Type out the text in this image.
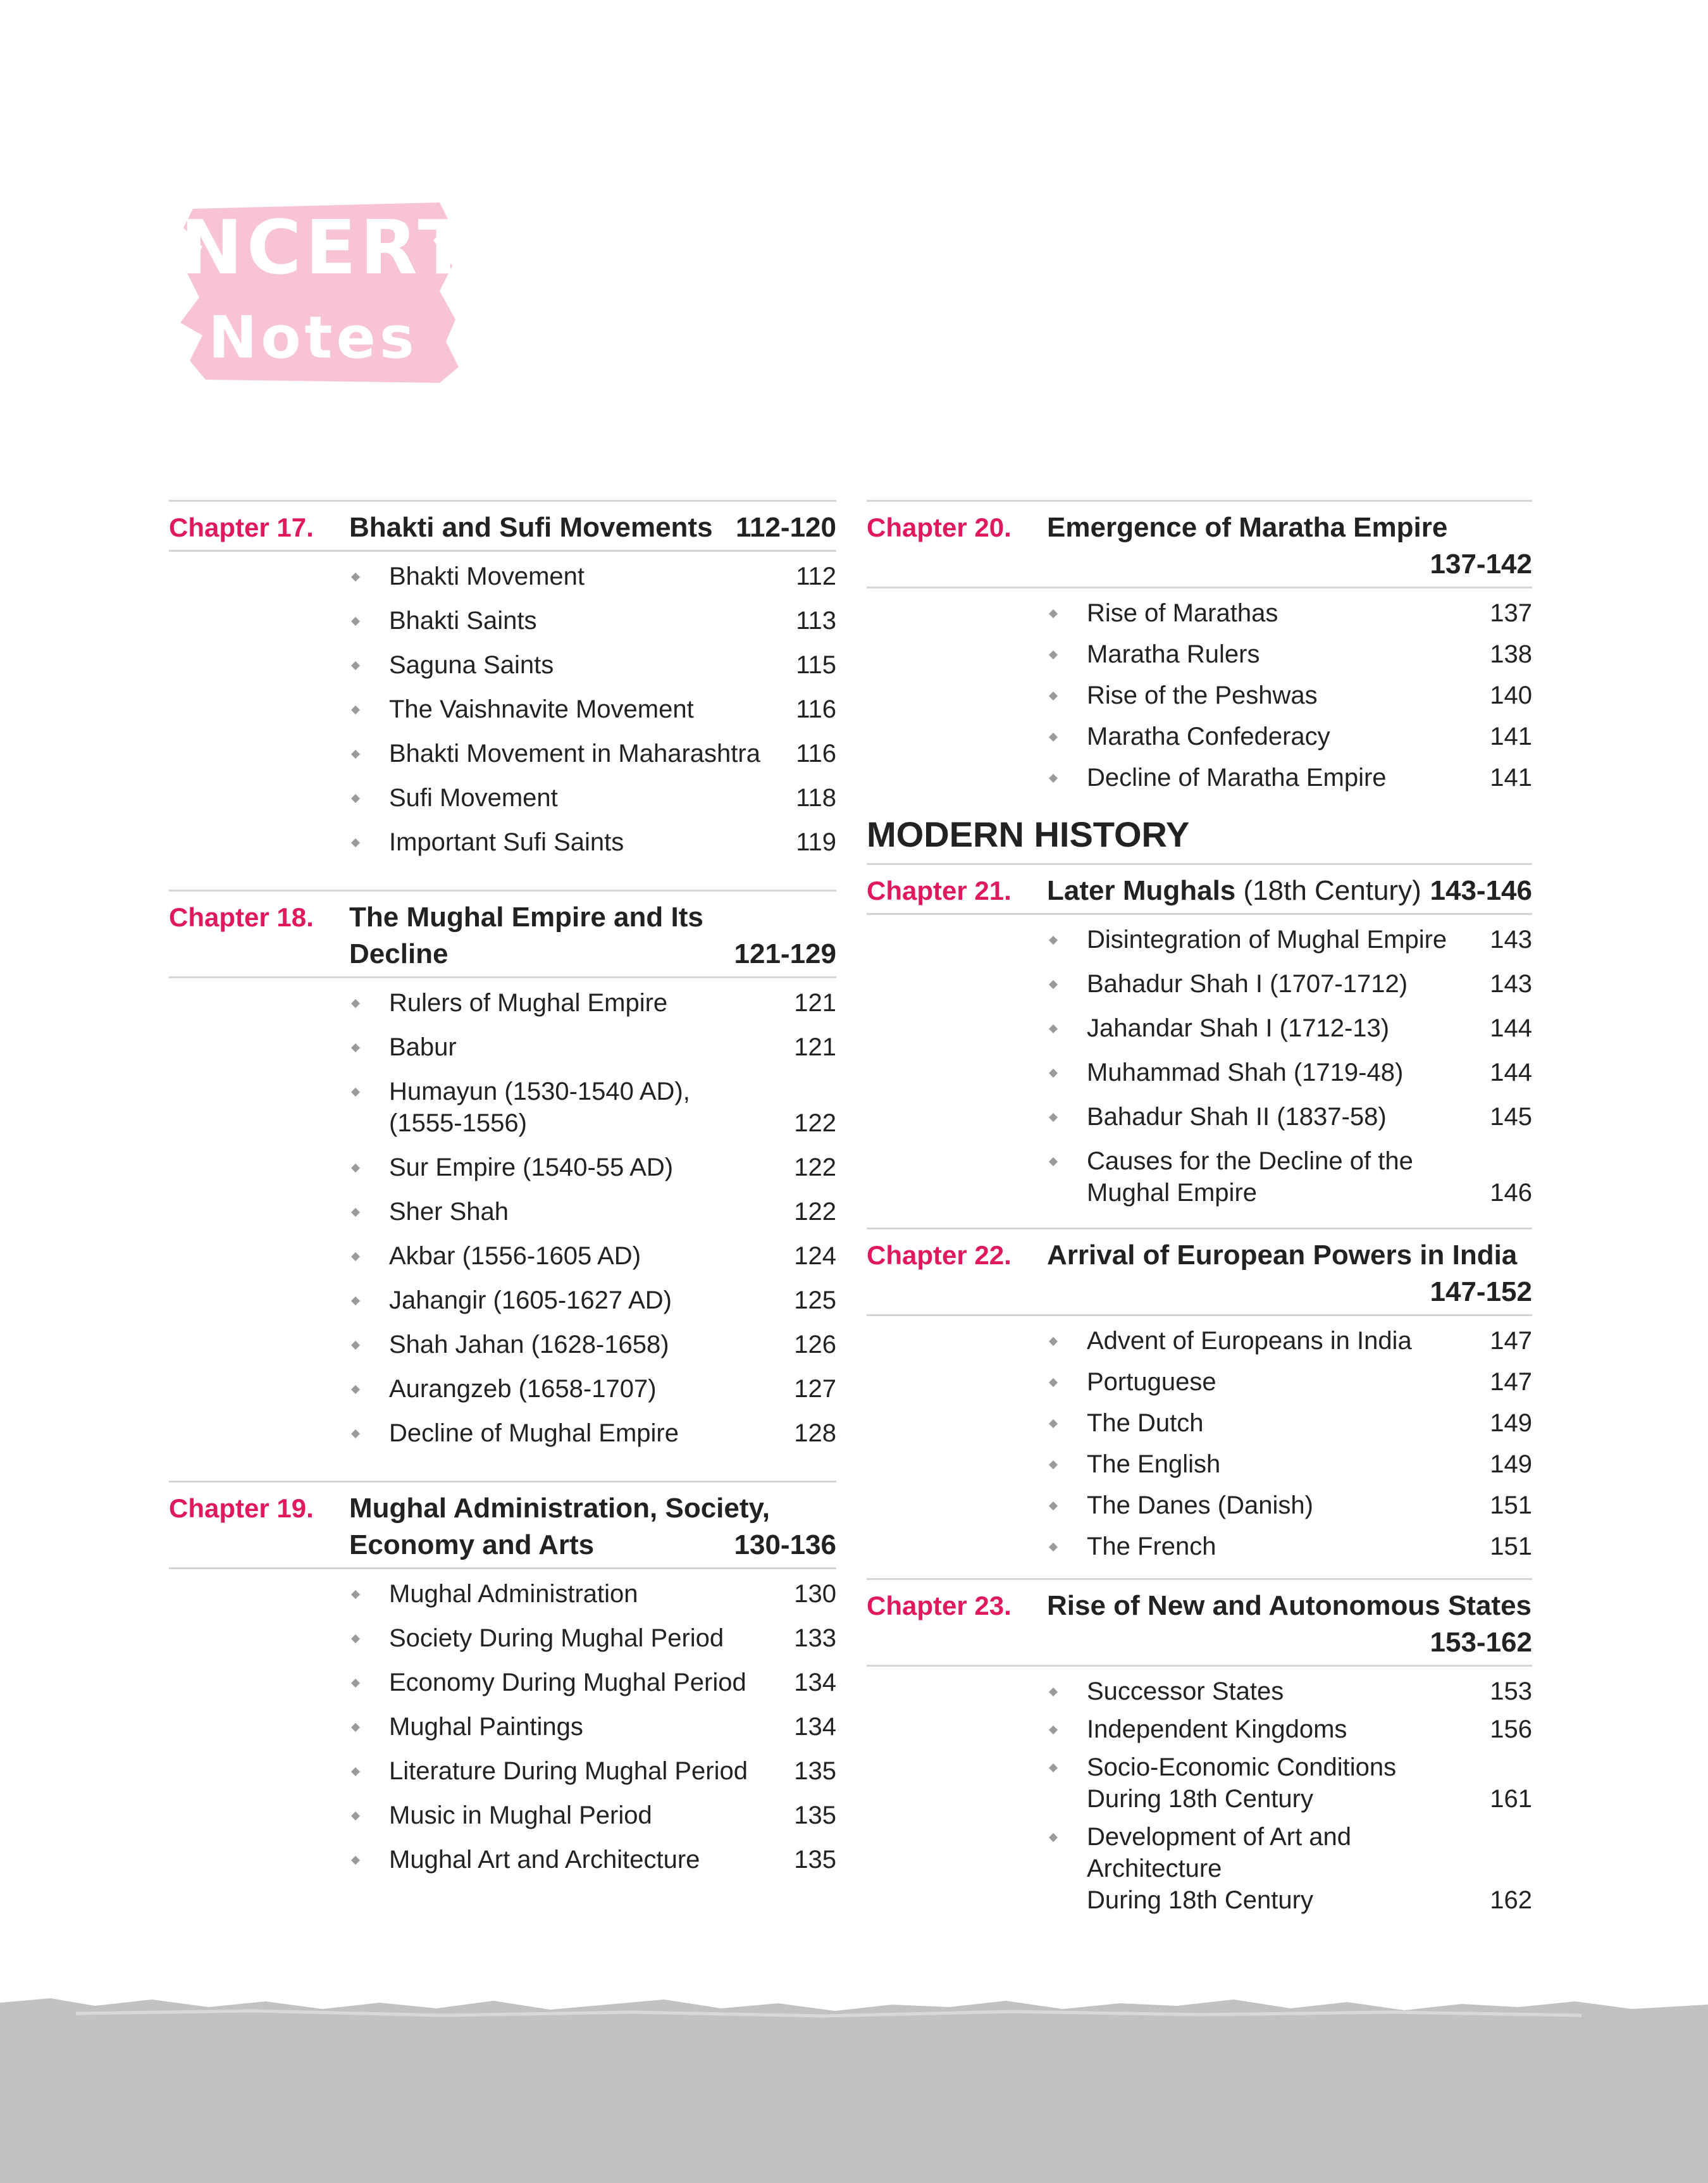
NCERT
Notes
Chapter 17.	Bhakti and Sufi Movements 112-120
Bhakti Movement	112
Bhakti Saints	113
Saguna Saints	115
The Vaishnavite Movement	116
Bhakti Movement in Maharashtra	116
Sufi Movement	118
Important Sufi Saints	119
Chapter 18.	The Mughal Empire and Its
Decline	121-129
Rulers of Mughal Empire	121
Babur	121
Humayun (1530-1540 AD),
(1555-1556)	122
Sur Empire (1540-55 AD)	122
Sher Shah	122
Akbar (1556-1605 AD)	124
Jahangir (1605-1627 AD)	125
Shah Jahan (1628-1658)	126
Aurangzeb (1658-1707)	127
Decline of Mughal Empire	128
Chapter 19.	Mughal Administration, Society,
Economy and Arts	130-136
Mughal Administration	130
Society During Mughal Period	133
Economy During Mughal Period	134
Mughal Paintings	134
Literature During Mughal Period	135
Music in Mughal Period	135
Mughal Art and Architecture	135
Chapter 20.	Emergence of Maratha Empire
137-142
Rise of Marathas	137
Maratha Rulers	138
Rise of the Peshwas	140
Maratha Confederacy	141
Decline of Maratha Empire	141
MODERN HISTORY
Chapter 21.	Later Mughals (18th Century) 143-146
Disintegration of Mughal Empire	143
Bahadur Shah I (1707-1712)	143
Jahandar Shah I (1712-13)	144
Muhammad Shah (1719-48)	144
Bahadur Shah II (1837-58)	145
Causes for the Decline of the
Mughal Empire	146
Chapter 22.	Arrival of European Powers in India
147-152
Advent of Europeans in India	147
Portuguese	147
The Dutch	149
The English	149
The Danes (Danish)	151
The French	151
Chapter 23.	Rise of New and Autonomous States
153-162
Successor States	153
Independent Kingdoms	156
Socio-Economic Conditions
During 18th Century	161
Development of Art and Architecture
During 18th Century	162
